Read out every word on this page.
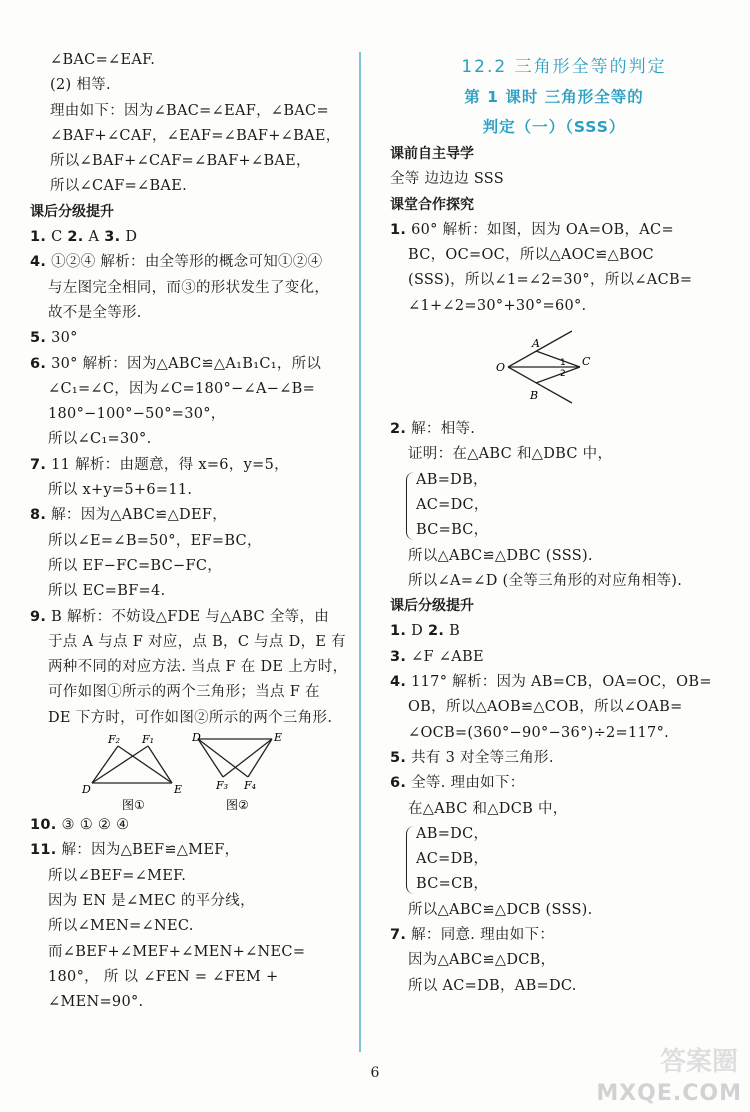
∠BAC=∠EAF.
(2) 相等.
理由如下：因为∠BAC=∠EAF，∠BAC=
∠BAF+∠CAF，∠EAF=∠BAF+∠BAE，
所以∠BAF+∠CAF=∠BAF+∠BAE，
所以∠CAF=∠BAE.
课后分级提升
1. C 2. A 3. D
4. ①②④ 解析：由全等形的概念可知①②④
与左图完全相同，而③的形状发生了变化，
故不是全等形.
5. 30°
6. 30° 解析：因为△ABC≌△A₁B₁C₁，所以
∠C₁=∠C，因为∠C=180°−∠A−∠B=
180°−100°−50°=30°，
所以∠C₁=30°.
7. 11 解析：由题意，得 x=6，y=5，
所以 x+y=5+6=11.
8. 解：因为△ABC≌△DEF，
所以∠E=∠B=50°，EF=BC，
所以 EF−FC=BC−FC，
所以 EC=BF=4.
9. B 解析：不妨设△FDE 与△ABC 全等，由
于点 A 与点 F 对应，点 B，C 与点 D，E 有
两种不同的对应方法. 当点 F 在 DE 上方时，
可作如图①所示的两个三角形；当点 F 在
DE 下方时，可作如图②所示的两个三角形.
F₂ F₁
D	E
图①
D	E
F₃ F₄
图②
10. ③ ① ② ④
11. 解：因为△BEF≌△MEF，
所以∠BEF=∠MEF.
因为 EN 是∠MEC 的平分线，
所以∠MEN=∠NEC.
而∠BEF+∠MEF+∠MEN+∠NEC=
180°， 所 以 ∠FEN = ∠FEM +
∠MEN=90°.
12.2 三角形全等的判定
第 1 课时 三角形全等的
判定（一）（SSS）
课前自主导学
全等 边边边 SSS
课堂合作探究
1. 60° 解析：如图，因为 OA=OB，AC=
BC，OC=OC，所以△AOC≌△BOC
(SSS)，所以∠1=∠2=30°，所以∠ACB=
∠1+∠2=30°+30°=60°.
A
O	C
B
1
2
2. 解：相等.
证明：在△ABC 和△DBC 中，
AB=DB，
AC=DC，
BC=BC，
所以△ABC≌△DBC (SSS).
所以∠A=∠D (全等三角形的对应角相等).
课后分级提升
1. D 2. B
3. ∠F ∠ABE
4. 117° 解析：因为 AB=CB，OA=OC，OB=
OB，所以△AOB≌△COB，所以∠OAB=
∠OCB=(360°−90°−36°)÷2=117°.
5. 共有 3 对全等三角形.
6. 全等. 理由如下：
在△ABC 和△DCB 中，
AB=DC，
AC=DB，
BC=CB，
所以△ABC≌△DCB (SSS).
7. 解：同意. 理由如下：
因为△ABC≌△DCB，
所以 AC=DB，AB=DC.
6	答案圈
MXQE.COM
